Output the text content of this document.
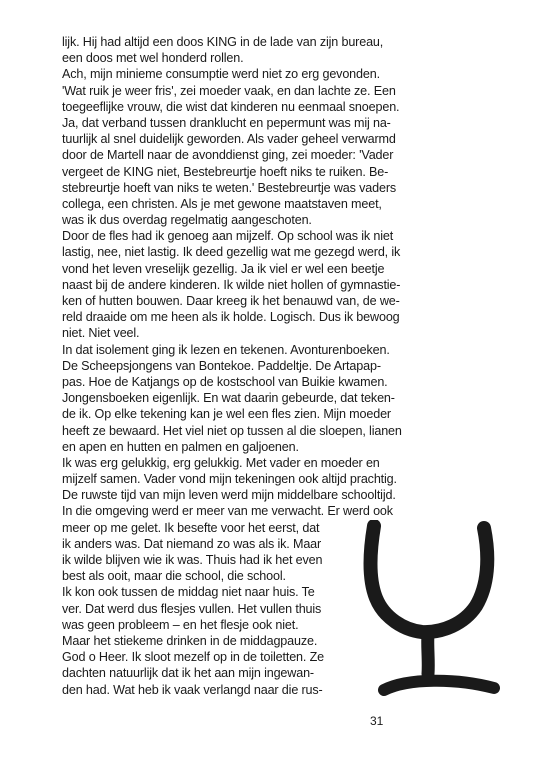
lijk. Hij had altijd een doos KING in de lade van zijn bureau,
een doos met wel honderd rollen.
Ach, mijn minieme consumptie werd niet zo erg gevonden.
'Wat ruik je weer fris', zei moeder vaak, en dan lachte ze. Een
toegeeflijke vrouw, die wist dat kinderen nu eenmaal snoepen.
Ja, dat verband tussen dranklucht en pepermunt was mij na-
tuurlijk al snel duidelijk geworden. Als vader geheel verwarmd
door de Martell naar de avonddienst ging, zei moeder: 'Vader
vergeet de KING niet, Bestebreurtje hoeft niks te ruiken. Be-
stebreurtje hoeft van niks te weten.' Bestebreurtje was vaders
collega, een christen. Als je met gewone maatstaven meet,
was ik dus overdag regelmatig aangeschoten.
Door de fles had ik genoeg aan mijzelf. Op school was ik niet
lastig, nee, niet lastig. Ik deed gezellig wat me gezegd werd, ik
vond het leven vreselijk gezellig. Ja ik viel er wel een beetje
naast bij de andere kinderen. Ik wilde niet hollen of gymnastie-
ken of hutten bouwen. Daar kreeg ik het benauwd van, de we-
reld draaide om me heen als ik holde. Logisch. Dus ik bewoog
niet. Niet veel.
In dat isolement ging ik lezen en tekenen. Avonturenboeken.
De Scheepsjongens van Bontekoe. Paddeltje. De Artapap-
pas. Hoe de Katjangs op de kostschool van Buikie kwamen.
Jongensboeken eigenlijk. En wat daarin gebeurde, dat teken-
de ik. Op elke tekening kan je wel een fles zien. Mijn moeder
heeft ze bewaard. Het viel niet op tussen al die sloepen, lianen
en apen en hutten en palmen en galjoenen.
Ik was erg gelukkig, erg gelukkig. Met vader en moeder en
mijzelf samen. Vader vond mijn tekeningen ook altijd prachtig.
De ruwste tijd van mijn leven werd mijn middelbare schooltijd.
In die omgeving werd er meer van me verwacht. Er werd ook
meer op me gelet. Ik besefte voor het eerst, dat
ik anders was. Dat niemand zo was als ik. Maar
ik wilde blijven wie ik was. Thuis had ik het even
best als ooit, maar die school, die school.
Ik kon ook tussen de middag niet naar huis. Te
ver. Dat werd dus flesjes vullen. Het vullen thuis
was geen probleem – en het flesje ook niet.
Maar het stiekeme drinken in de middagpauze.
God o Heer. Ik sloot mezelf op in de toiletten. Ze
dachten natuurlijk dat ik het aan mijn ingewan-
den had. Wat heb ik vaak verlangd naar die rus-
31
